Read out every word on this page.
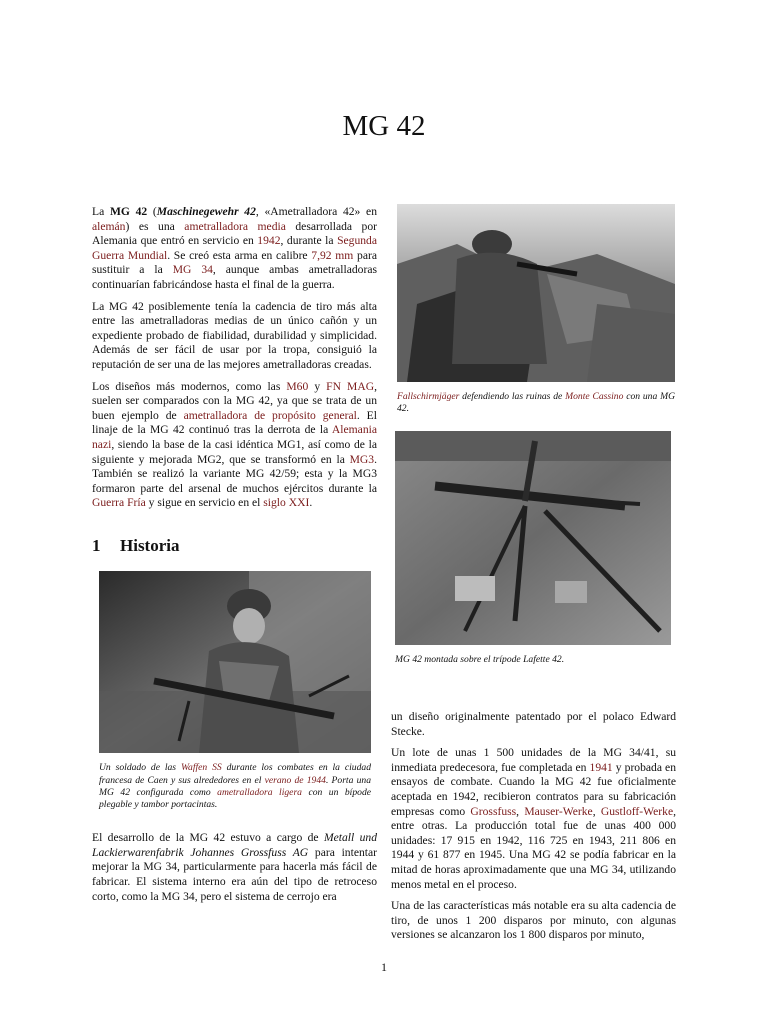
MG 42

La MG 42 (Maschinegewehr 42, «Ametralladora 42» en alemán) es una ametralladora media desarrollada por Alemania que entró en servicio en 1942, durante la Segunda Guerra Mundial. Se creó esta arma en calibre 7,92 mm para sustituir a la MG 34, aunque ambas ametralladoras continuarían fabricándose hasta el final de la guerra.

La MG 42 posiblemente tenía la cadencia de tiro más alta entre las ametralladoras medias de un único cañón y un expediente probado de fiabilidad, durabilidad y simplicidad. Además de ser fácil de usar por la tropa, consiguió la reputación de ser una de las mejores ametralladoras creadas.

Los diseños más modernos, como las M60 y FN MAG, suelen ser comparados con la MG 42, ya que se trata de un buen ejemplo de ametralladora de propósito general. El linaje de la MG 42 continuó tras la derrota de la Alemania nazi, siendo la base de la casi idéntica MG1, así como de la siguiente y mejorada MG2, que se transformó en la MG3. También se realizó la variante MG 42/59; esta y la MG3 formaron parte del arsenal de muchos ejércitos durante la Guerra Fría y sigue en servicio en el siglo XXI.

1 Historia
Un soldado de las Waffen SS durante los combates en la ciudad francesa de Caen y sus alrededores en el verano de 1944. Porta una MG 42 configurada como ametralladora ligera con un bípode plegable y tambor portacintas.

El desarrollo de la MG 42 estuvo a cargo de Metall und Lackierwarenfabrik Johannes Grossfuss AG para intentar mejorar la MG 34, particularmente para hacerla más fácil de fabricar. El sistema interno era aún del tipo de retroceso corto, como la MG 34, pero el sistema de cerrojo era

Fallschirmjäger defendiendo las ruinas de Monte Cassino con una MG 42.
MG 42 montada sobre el trípode Lafette 42.

un diseño originalmente patentado por el polaco Edward Stecke.

Un lote de unas 1 500 unidades de la MG 34/41, su inmediata predecesora, fue completada en 1941 y probada en ensayos de combate. Cuando la MG 42 fue oficialmente aceptada en 1942, recibieron contratos para su fabricación empresas como Grossfuss, Mauser-Werke, Gustloff-Werke, entre otras. La producción total fue de unas 400 000 unidades: 17 915 en 1942, 116 725 en 1943, 211 806 en 1944 y 61 877 en 1945. Una MG 42 se podía fabricar en la mitad de horas aproximadamente que una MG 34, utilizando menos metal en el proceso.

Una de las características más notable era su alta cadencia de tiro, de unos 1 200 disparos por minuto, con algunas versiones se alcanzaron los 1 800 disparos por minuto,

1
